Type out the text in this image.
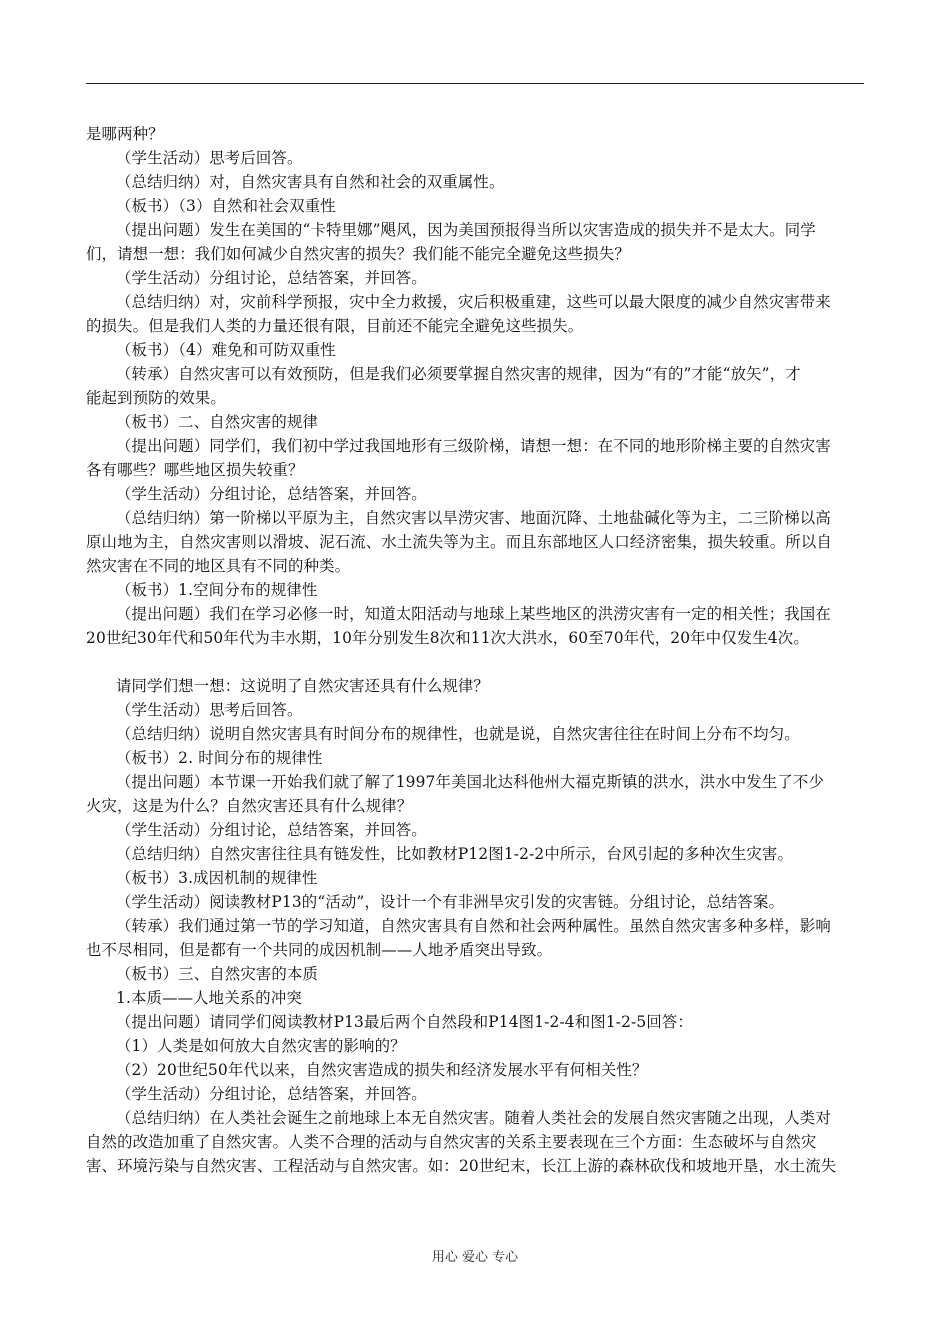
是哪两种？
（学生活动）思考后回答。
（总结归纳）对，自然灾害具有自然和社会的双重属性。
（板书）（3）自然和社会双重性
（提出问题）发生在美国的“卡特里娜”飓风，因为美国预报得当所以灾害造成的损失并不是太大。同学
们，请想一想：我们如何减少自然灾害的损失？我们能不能完全避免这些损失？
（学生活动）分组讨论，总结答案，并回答。
（总结归纳）对，灾前科学预报，灾中全力救援，灾后积极重建，这些可以最大限度的减少自然灾害带来
的损失。但是我们人类的力量还很有限，目前还不能完全避免这些损失。
（板书）（4）难免和可防双重性
（转承）自然灾害可以有效预防，但是我们必须要掌握自然灾害的规律，因为“有的”才能“放矢”，才
能起到预防的效果。
（板书）二、自然灾害的规律
（提出问题）同学们，我们初中学过我国地形有三级阶梯，请想一想：在不同的地形阶梯主要的自然灾害
各有哪些？哪些地区损失较重？
（学生活动）分组讨论，总结答案，并回答。
（总结归纳）第一阶梯以平原为主，自然灾害以旱涝灾害、地面沉降、土地盐碱化等为主，二三阶梯以高
原山地为主，自然灾害则以滑坡、泥石流、水土流失等为主。而且东部地区人口经济密集，损失较重。所以自
然灾害在不同的地区具有不同的种类。
（板书）1.空间分布的规律性
（提出问题）我们在学习必修一时，知道太阳活动与地球上某些地区的洪涝灾害有一定的相关性；我国在
20世纪30年代和50年代为丰水期，10年分别发生8次和11次大洪水，60至70年代，20年中仅发生4次。
请同学们想一想：这说明了自然灾害还具有什么规律？
（学生活动）思考后回答。
（总结归纳）说明自然灾害具有时间分布的规律性，也就是说，自然灾害往往在时间上分布不均匀。
（板书）2. 时间分布的规律性
（提出问题）本节课一开始我们就了解了1997年美国北达科他州大福克斯镇的洪水，洪水中发生了不少
火灾，这是为什么？自然灾害还具有什么规律？
（学生活动）分组讨论，总结答案，并回答。
（总结归纳）自然灾害往往具有链发性，比如教材P12图1-2-2中所示，台风引起的多种次生灾害。
（板书）3.成因机制的规律性
（学生活动）阅读教材P13的“活动”，设计一个有非洲旱灾引发的灾害链。分组讨论，总结答案。
（转承）我们通过第一节的学习知道，自然灾害具有自然和社会两种属性。虽然自然灾害多种多样，影响
也不尽相同，但是都有一个共同的成因机制——人地矛盾突出导致。
（板书）三、自然灾害的本质
1.本质——人地关系的冲突
（提出问题）请同学们阅读教材P13最后两个自然段和P14图1-2-4和图1-2-5回答：
（1）人类是如何放大自然灾害的影响的？
（2）20世纪50年代以来，自然灾害造成的损失和经济发展水平有何相关性？
（学生活动）分组讨论，总结答案，并回答。
（总结归纳）在人类社会诞生之前地球上本无自然灾害。随着人类社会的发展自然灾害随之出现，人类对
自然的改造加重了自然灾害。人类不合理的活动与自然灾害的关系主要表现在三个方面：生态破坏与自然灾
害、环境污染与自然灾害、工程活动与自然灾害。如：20世纪末，长江上游的森林砍伐和坡地开垦，水土流失
用心 爱心 专心
